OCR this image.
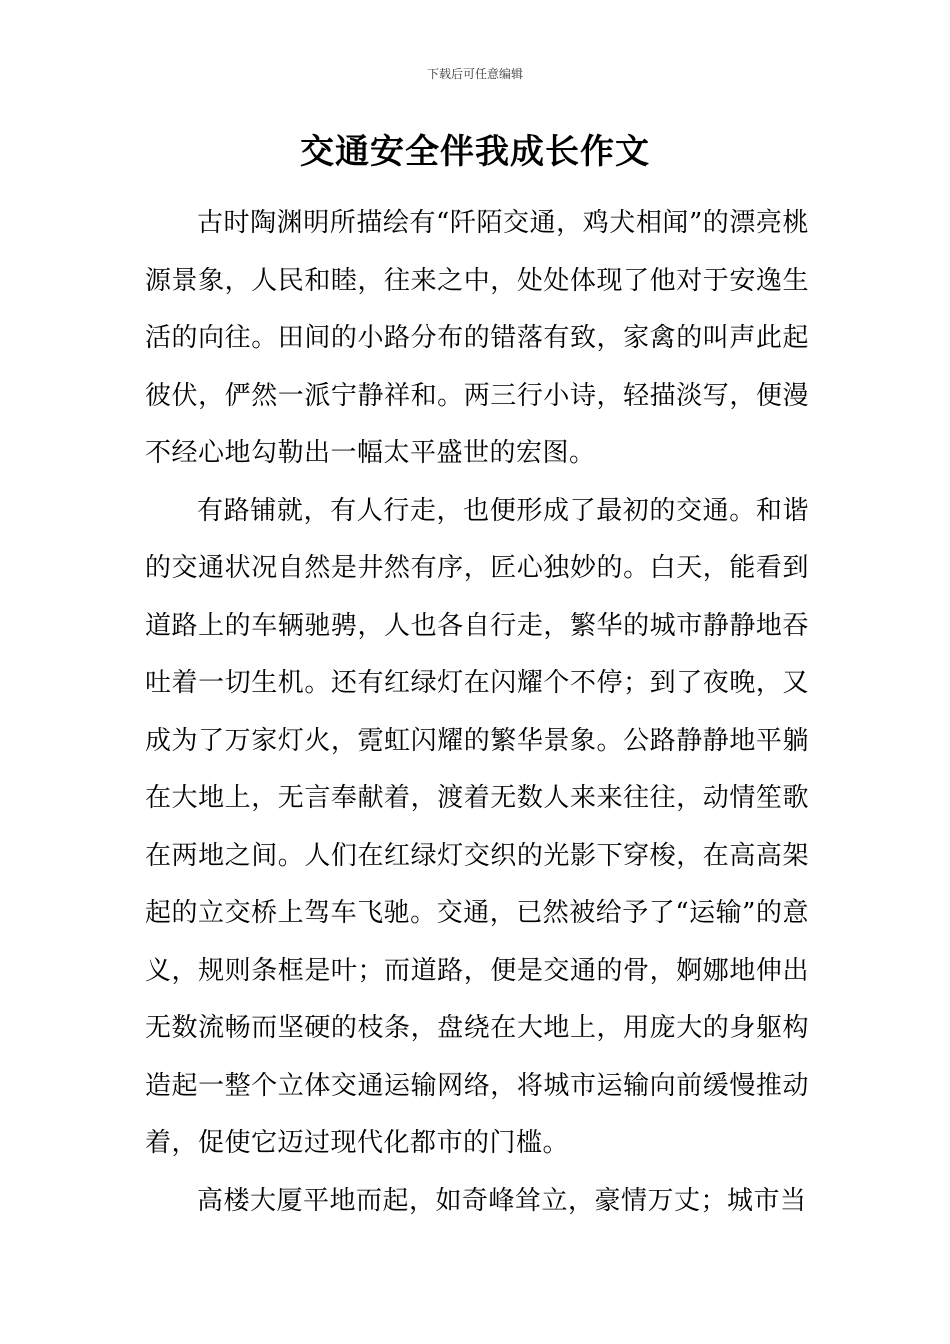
下载后可任意编辑
交通安全伴我成长作文

古时陶渊明所描绘有“阡陌交通，鸡犬相闻”的漂亮桃源景象，人民和睦，往来之中，处处体现了他对于安逸生活的向往。田间的小路分布的错落有致，家禽的叫声此起彼伏，俨然一派宁静祥和。两三行小诗，轻描淡写，便漫不经心地勾勒出一幅太平盛世的宏图。

有路铺就，有人行走，也便形成了最初的交通。和谐的交通状况自然是井然有序，匠心独妙的。白天，能看到道路上的车辆驰骋，人也各自行走，繁华的城市静静地吞吐着一切生机。还有红绿灯在闪耀个不停；到了夜晚，又成为了万家灯火，霓虹闪耀的繁华景象。公路静静地平躺在大地上，无言奉献着，渡着无数人来来往往，动情笙歌在两地之间。人们在红绿灯交织的光影下穿梭，在高高架起的立交桥上驾车飞驰。交通，已然被给予了“运输”的意义，规则条框是叶；而道路，便是交通的骨，婀娜地伸出无数流畅而坚硬的枝条，盘绕在大地上，用庞大的身躯构造起一整个立体交通运输网络，将城市运输向前缓慢推动着，促使它迈过现代化都市的门槛。

高楼大厦平地而起，如奇峰耸立，豪情万丈；城市当
